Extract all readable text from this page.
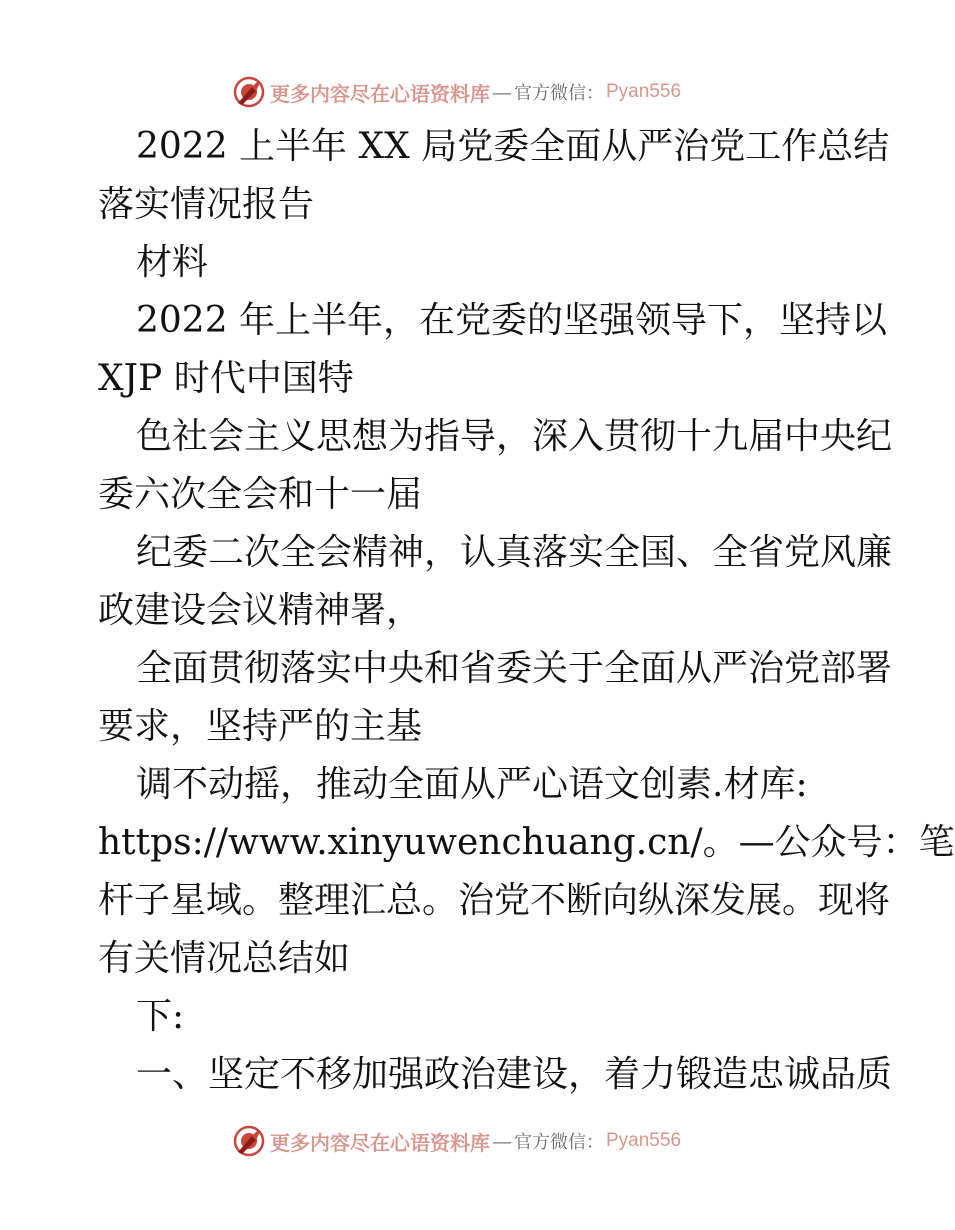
更多内容尽在心语资料库 — 官方微信： Pyan556
2022 上半年 XX 局党委全面从严治党工作总结
落实情况报告
材料
2022 年上半年，在党委的坚强领导下，坚持以
XJP 时代中国特
色社会主义思想为指导，深入贯彻十九届中央纪
委六次全会和十一届
纪委二次全会精神，认真落实全国、全省党风廉
政建设会议精神署，
全面贯彻落实中央和省委关于全面从严治党部署
要求，坚持严的主基
调不动摇，推动全面从严心语文创素.材库:
https://www.xinyuwenchuang.cn/。—公众号：笔
杆子星域。整理汇总。治党不断向纵深发展。现将
有关情况总结如
下:
一、坚定不移加强政治建设，着力锻造忠诚品质
更多内容尽在心语资料库 — 官方微信： Pyan556
